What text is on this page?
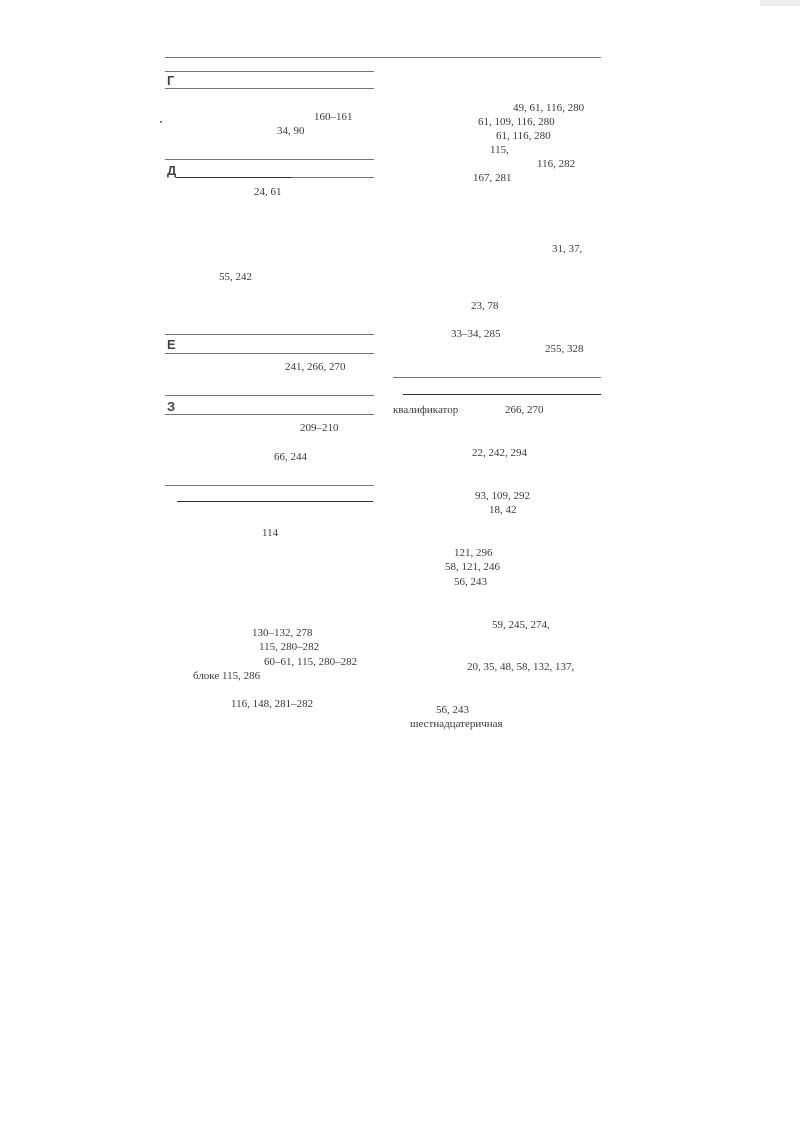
Г
160–161
34, 90
Д
24, 61
55, 242
Е
241, 266, 270
З
209–210
66, 244
114
130–132, 278
115, 280–282
60–61, 115, 280–282
блоке 115, 286
116, 148, 281–282
49, 61, 116, 280
61, 109, 116, 280
61, 116, 280
115,
116, 282
167, 281
31, 37,
23, 78
33–34, 285
255, 328
квалификатор	266, 270
22, 242, 294
93, 109, 292
18, 42
121, 296
58, 121, 246
56, 243
59, 245, 274,
20, 35, 48, 58, 132, 137,
56, 243
шестнадцатеричная
